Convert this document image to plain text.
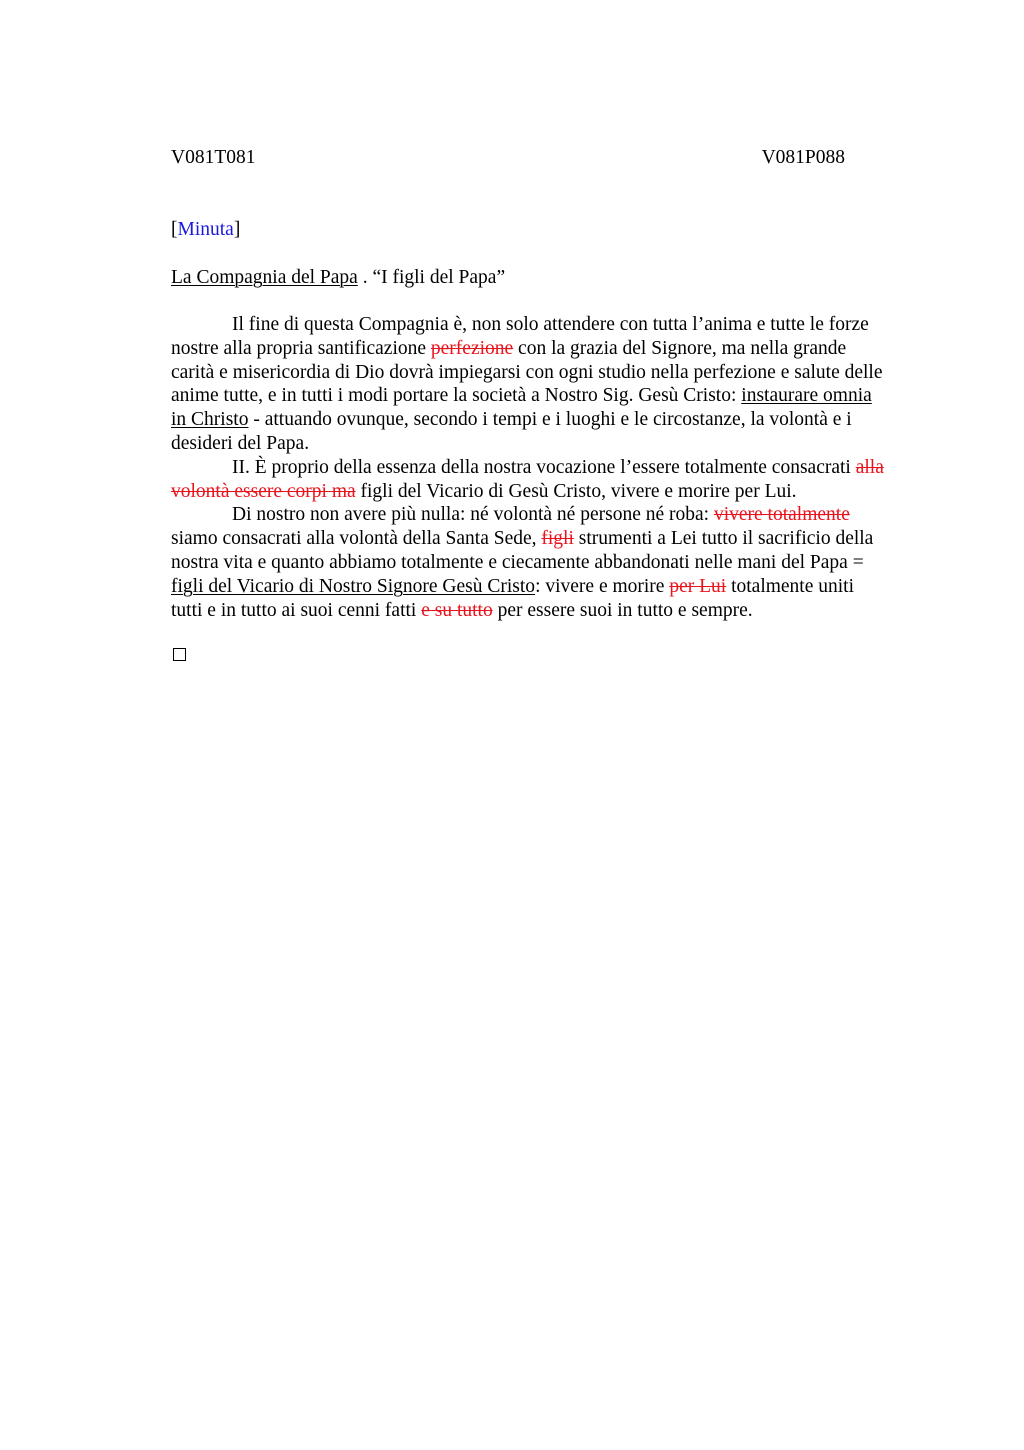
V081T081	V081P088
[Minuta]
La Compagnia del Papa . “I figli del Papa”
Il fine di questa Compagnia è, non solo attendere con tutta l’anima e tutte le forze
nostre alla propria santificazione perfezione con la grazia del Signore, ma nella grande
carità e misericordia di Dio dovrà impiegarsi con ogni studio nella perfezione e salute delle
anime tutte, e in tutti i modi portare la società a Nostro Sig. Gesù Cristo: instaurare omnia
in Christo - attuando ovunque, secondo i tempi e i luoghi e le circostanze, la volontà e i
desideri del Papa.
II. È proprio della essenza della nostra vocazione l’essere totalmente consacrati alla
volontà essere corpi ma figli del Vicario di Gesù Cristo, vivere e morire per Lui.
Di nostro non avere più nulla: né volontà né persone né roba: vivere totalmente
siamo consacrati alla volontà della Santa Sede, figli strumenti a Lei tutto il sacrificio della
nostra vita e quanto abbiamo totalmente e ciecamente abbandonati nelle mani del Papa =
figli del Vicario di Nostro Signore Gesù Cristo: vivere e morire per Lui totalmente uniti
tutti e in tutto ai suoi cenni fatti e su tutto per essere suoi in tutto e sempre.
